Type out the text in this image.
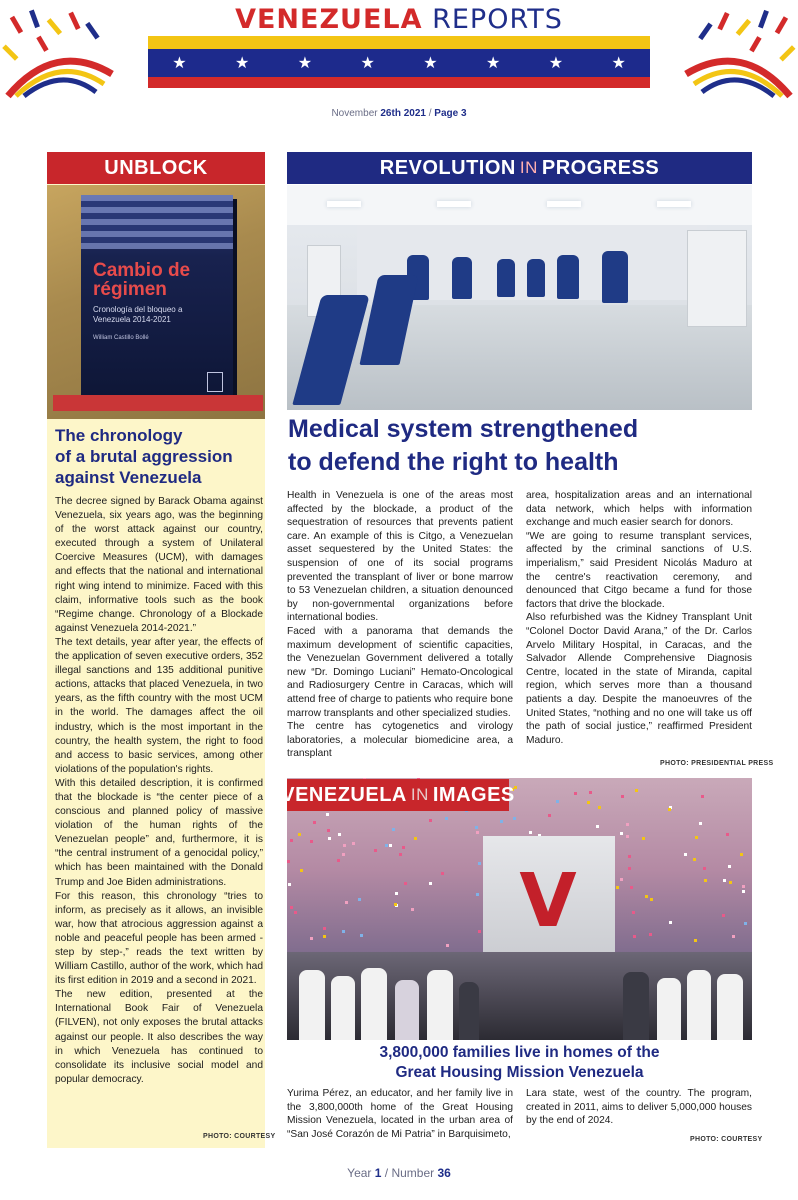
VENEZUELA REPORTS
★	★	★	★	★	★	★	★
November 26th 2021 / Page 3
UNBLOCK
Cambio de
régimen
Cronología del bloqueo a Venezuela 2014-2021
William Castillo Bollé
The chronology
of a brutal aggression
against Venezuela

The decree signed by Barack Obama against Venezuela, six years ago, was the beginning of the worst attack against our country, executed through a system of Unilateral Coercive Measures (UCM), with damages and effects that the national and international right wing intend to minimize. Faced with this claim, informative tools such as the book “Regime change. Chronology of a Blockade against Venezuela 2014-2021.”

The text details, year after year, the effects of the application of seven executive orders, 352 illegal sanctions and 135 additional punitive actions, attacks that placed Venezuela, in two years, as the fifth country with the most UCM in the world. The damages affect the oil industry, which is the most important in the country, the health system, the right to food and access to basic services, among other violations of the population's rights.

With this detailed description, it is confirmed that the blockade is “the center piece of a conscious and planned policy of massive violation of the human rights of the Venezuelan people” and, furthermore, it is “the central instrument of a genocidal policy,” which has been maintained with the Donald Trump and Joe Biden administrations.

For this reason, this chronology “tries to inform, as precisely as it allows, an invisible war, how that atrocious aggression against a noble and peaceful people has been armed -step by step-,” reads the text written by William Castillo, author of the work, which had its first edition in 2019 and a second in 2021.

The new edition, presented at the International Book Fair of Venezuela (FILVEN), not only exposes the brutal attacks against our people. It also describes the way in which Venezuela has continued to consolidate its inclusive social model and popular democracy.

PHOTO: COURTESY
REVOLUTION IN PROGRESS
Medical system strengthened
to defend the right to health

Health in Venezuela is one of the areas most affected by the blockade, a product of the sequestration of resources that prevents patient care. An example of this is Citgo, a Venezuelan asset sequestered by the United States: the suspension of one of its social programs prevented the transplant of liver or bone marrow to 53 Venezuelan children, a situation denounced by non-governmental organizations before international bodies.

Faced with a panorama that demands the maximum development of scientific capacities, the Venezuelan Government delivered a totally new “Dr. Domingo Luciani” Hemato-Oncological and Radiosurgery Centre in Caracas, which will attend free of charge to patients who require bone marrow transplants and other specialized studies.

The centre has cytogenetics and virology laboratories, a molecular biomedicine area, a transplant

area, hospitalization areas and an international data network, which helps with information exchange and much easier search for donors.

“We are going to resume transplant services, affected by the criminal sanctions of U.S. imperialism,” said President Nicolás Maduro at the centre's reactivation ceremony, and denounced that Citgo became a fund for those factors that drive the blockade.

Also refurbished was the Kidney Transplant Unit “Colonel Doctor David Arana,” of the Dr. Carlos Arvelo Military Hospital, in Caracas, and the Salvador Allende Comprehensive Diagnosis Centre, located in the state of Miranda, capital region, which serves more than a thousand patients a day. Despite the manoeuvres of the United States, “nothing and no one will take us off the path of social justice,” reaffirmed President Maduro.

PHOTO: PRESIDENTIAL PRESS
VENEZUELA IN IMAGES
V
3,800,000 families live in homes of the
Great Housing Mission Venezuela

Yurima Pérez, an educator, and her family live in the 3,800,000th home of the Great Housing Mission Venezuela, located in the urban area of “San José Corazón de Mi Patria” in Barquisimeto,

Lara state, west of the country. The program, created in 2011, aims to deliver 5,000,000 houses by the end of 2024.

PHOTO: COURTESY
Year 1 / Number 36
